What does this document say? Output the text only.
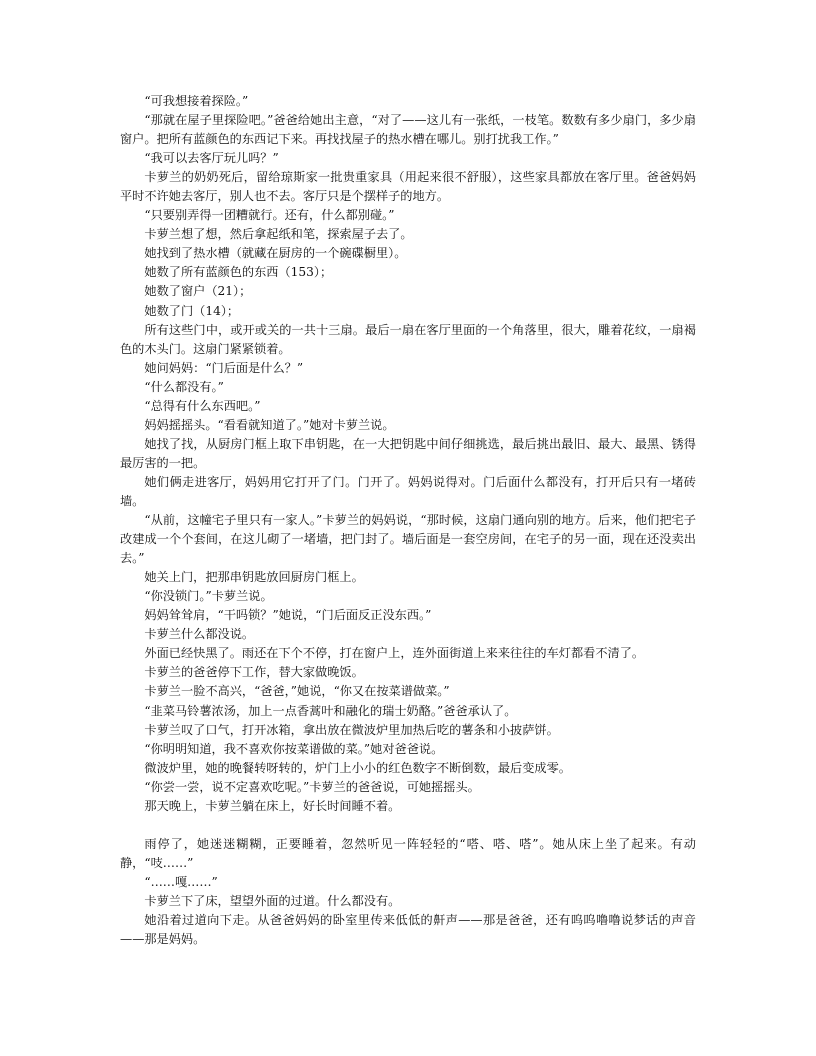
“可我想接着探险。”

“那就在屋子里探险吧。”爸爸给她出主意，“对了——这儿有一张纸，一枝笔。数数有多少扇门，多少扇窗户。把所有蓝颜色的东西记下来。再找找屋子的热水槽在哪儿。别打扰我工作。”

“我可以去客厅玩儿吗？”

卡萝兰的奶奶死后，留给琼斯家一批贵重家具（用起来很不舒服），这些家具都放在客厅里。爸爸妈妈平时不许她去客厅，别人也不去。客厅只是个摆样子的地方。

“只要别弄得一团糟就行。还有，什么都别碰。”

卡萝兰想了想，然后拿起纸和笔，探索屋子去了。

她找到了热水槽（就藏在厨房的一个碗碟橱里）。

她数了所有蓝颜色的东西（153）；

她数了窗户（21）；

她数了门（14）；

所有这些门中，或开或关的一共十三扇。最后一扇在客厅里面的一个角落里，很大，雕着花纹，一扇褐色的木头门。这扇门紧紧锁着。

她问妈妈：“门后面是什么？”

“什么都没有。”

“总得有什么东西吧。”

妈妈摇摇头。“看看就知道了。”她对卡萝兰说。

她找了找，从厨房门框上取下串钥匙，在一大把钥匙中间仔细挑选，最后挑出最旧、最大、最黑、锈得最厉害的一把。

她们俩走进客厅，妈妈用它打开了门。门开了。妈妈说得对。门后面什么都没有，打开后只有一堵砖墙。

“从前，这幢宅子里只有一家人。”卡萝兰的妈妈说，“那时候，这扇门通向别的地方。后来，他们把宅子改建成一个个套间，在这儿砌了一堵墙，把门封了。墙后面是一套空房间，在宅子的另一面，现在还没卖出去。”

她关上门，把那串钥匙放回厨房门框上。

“你没锁门。”卡萝兰说。

妈妈耸耸肩，“干吗锁？”她说，“门后面反正没东西。”

卡萝兰什么都没说。

外面已经快黑了。雨还在下个不停，打在窗户上，连外面街道上来来往往的车灯都看不清了。

卡萝兰的爸爸停下工作，替大家做晚饭。

卡萝兰一脸不高兴，“爸爸，”她说，“你又在按菜谱做菜。”

“韭菜马铃薯浓汤，加上一点香蒿叶和融化的瑞士奶酪。”爸爸承认了。

卡萝兰叹了口气，打开冰箱，拿出放在微波炉里加热后吃的薯条和小披萨饼。

“你明明知道，我不喜欢你按菜谱做的菜。”她对爸爸说。

微波炉里，她的晚餐转呀转的，炉门上小小的红色数字不断倒数，最后变成零。

“你尝一尝，说不定喜欢吃呢。”卡萝兰的爸爸说，可她摇摇头。

那天晚上，卡萝兰躺在床上，好长时间睡不着。

雨停了，她迷迷糊糊，正要睡着，忽然听见一阵轻轻的“嗒、嗒、嗒”。她从床上坐了起来。有动静，“吱……”

“……嘎……”

卡萝兰下了床，望望外面的过道。什么都没有。

她沿着过道向下走。从爸爸妈妈的卧室里传来低低的鼾声——那是爸爸，还有呜呜噜噜说梦话的声音——那是妈妈。
